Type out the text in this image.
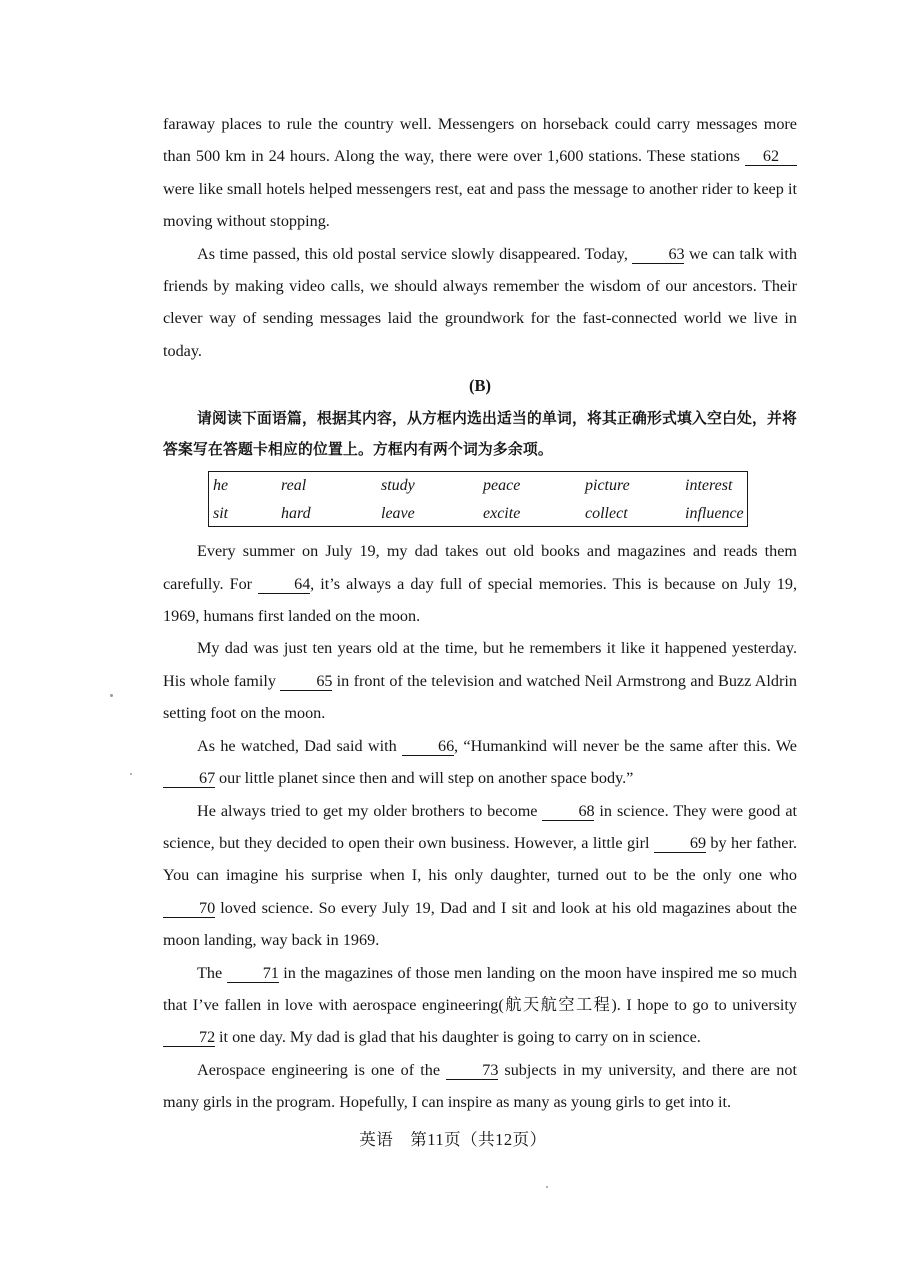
faraway places to rule the country well. Messengers on horseback could carry messages more than 500 km in 24 hours. Along the way, there were over 1,600 stations. These stations 62 were like small hotels helped messengers rest, eat and pass the message to another rider to keep it moving without stopping.

As time passed, this old postal service slowly disappeared. Today, 63 we can talk with friends by making video calls, we should always remember the wisdom of our ancestors. Their clever way of sending messages laid the groundwork for the fast-connected world we live in today.

(B)

请阅读下面语篇，根据其内容，从方框内选出适当的单词，将其正确形式填入空白处，并将答案写在答题卡相应的位置上。方框内有两个词为多余项。

he	real	study	peace	picture	interest
sit	hard	leave	excite	collect	influence

Every summer on July 19, my dad takes out old books and magazines and reads them carefully. For 64, it’s always a day full of special memories. This is because on July 19, 1969, humans first landed on the moon.

My dad was just ten years old at the time, but he remembers it like it happened yesterday. His whole family 65 in front of the television and watched Neil Armstrong and Buzz Aldrin setting foot on the moon.

As he watched, Dad said with 66, “Humankind will never be the same after this. We 67 our little planet since then and will step on another space body.”

He always tried to get my older brothers to become 68 in science. They were good at science, but they decided to open their own business. However, a little girl 69 by her father. You can imagine his surprise when I, his only daughter, turned out to be the only one who 70 loved science. So every July 19, Dad and I sit and look at his old magazines about the moon landing, way back in 1969.

The 71 in the magazines of those men landing on the moon have inspired me so much that I’ve fallen in love with aerospace engineering(航天航空工程). I hope to go to university 72 it one day. My dad is glad that his daughter is going to carry on in science.

Aerospace engineering is one of the 73 subjects in my university, and there are not many girls in the program. Hopefully, I can inspire as many as young girls to get into it.

英语　第11页（共12页）
